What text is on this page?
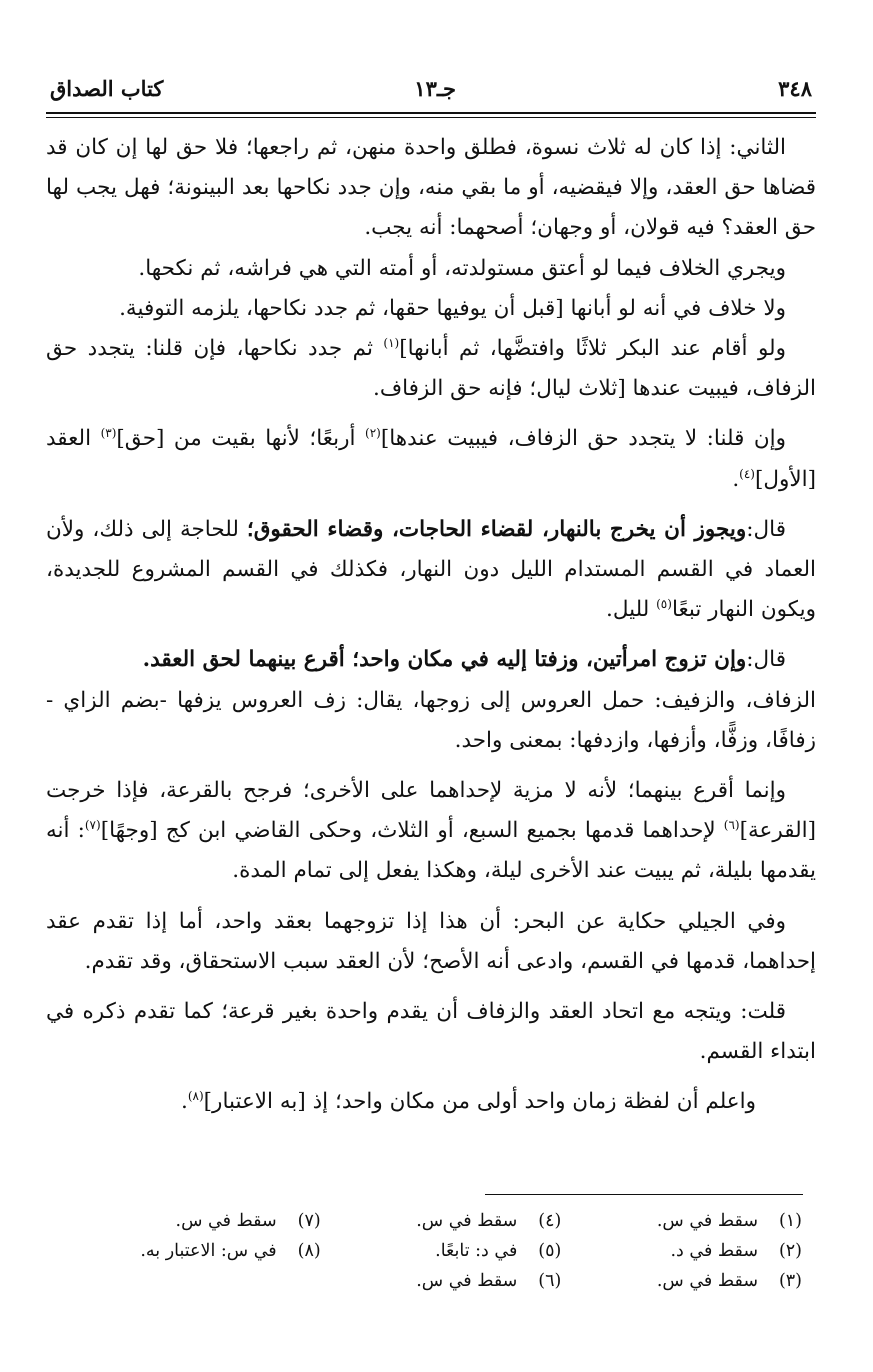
٣٤٨
جـ١٣
كتاب الصداق

الثاني: إذا كان له ثلاث نسوة، فطلق واحدة منهن، ثم راجعها؛ فلا حق لها إن كان قد قضاها حق العقد، وإلا فيقضيه، أو ما بقي منه، وإن جدد نكاحها بعد البينونة؛ فهل يجب لها حق العقد؟ فيه قولان، أو وجهان؛ أصحهما: أنه يجب.

ويجري الخلاف فيما لو أعتق مستولدته، أو أمته التي هي فراشه، ثم نكحها.

ولا خلاف في أنه لو أبانها [قبل أن يوفيها حقها، ثم جدد نكاحها، يلزمه التوفية.

ولو أقام عند البكر ثلاثًا وافتضَّها، ثم أبانها]$^{(١)}$ ثم جدد نكاحها، فإن قلنا: يتجدد حق الزفاف، فيبيت عندها [ثلاث ليال؛ فإنه حق الزفاف.

وإن قلنا: لا يتجدد حق الزفاف، فيبيت عندها]$^{(٢)}$ أربعًا؛ لأنها بقيت من [حق]$^{(٣)}$ العقد [الأول]$^{(٤)}$.

قال:ويجوز أن يخرج بالنهار، لقضاء الحاجات، وقضاء الحقوق؛ للحاجة إلى ذلك، ولأن العماد في القسم المستدام الليل دون النهار، فكذلك في القسم المشروع للجديدة، ويكون النهار تبعًا$^{(٥)}$ لليل.

قال:وإن تزوج امرأتين، وزفتا إليه في مكان واحد؛ أقرع بينهما لحق العقد.

الزفاف، والزفيف: حمل العروس إلى زوجها، يقال: زف العروس يزفها -بضم الزاي - زفافًا، وزفًّا، وأزفها، وازدفها: بمعنى واحد.

وإنما أقرع بينهما؛ لأنه لا مزية لإحداهما على الأخرى؛ فرجح بالقرعة، فإذا خرجت [القرعة]$^{(٦)}$ لإحداهما قدمها بجميع السبع، أو الثلاث، وحكى القاضي ابن كج [وجهًا]$^{(٧)}$: أنه يقدمها بليلة، ثم يبيت عند الأخرى ليلة، وهكذا يفعل إلى تمام المدة.

وفي الجيلي حكاية عن البحر: أن هذا إذا تزوجهما بعقد واحد، أما إذا تقدم عقد إحداهما، قدمها في القسم، وادعى أنه الأصح؛ لأن العقد سبب الاستحقاق، وقد تقدم.

قلت: ويتجه مع اتحاد العقد والزفاف أن يقدم واحدة بغير قرعة؛ كما تقدم ذكره في ابتداء القسم.

واعلم أن لفظة زمان واحد أولى من مكان واحد؛ إذ [به الاعتبار]$^{(٨)}$.

(١)سقط في س.
(٢)سقط في د.
(٣)سقط في س.
(٤)سقط في س.
(٥)في د: تابعًا.
(٦)سقط في س.
(٧)سقط في س.
(٨)في س: الاعتبار به.
